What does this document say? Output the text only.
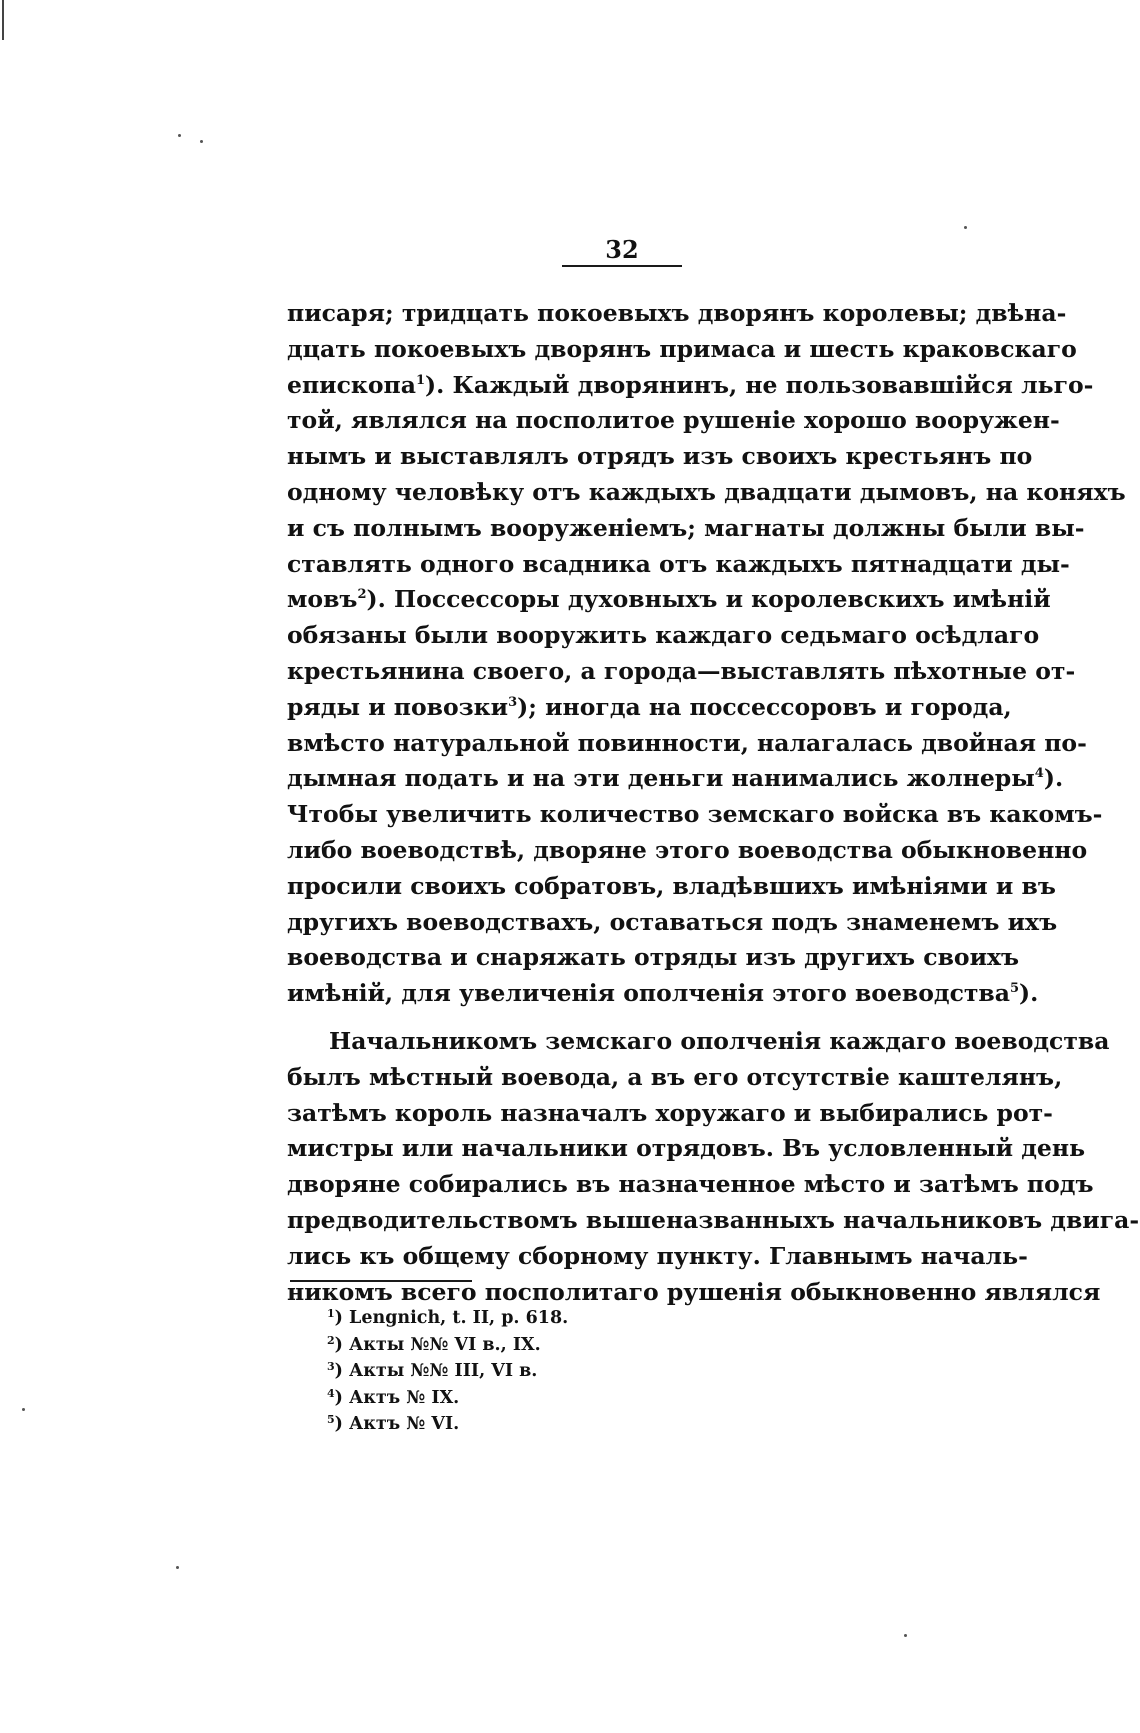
32
писаря; тридцать покоевыхъ дворянъ королевы; двѣна-
дцать покоевыхъ дворянъ примаса и шесть краковскаго
епископа$^1$). Каждый дворянинъ, не пользовавшійся льго-
той, являлся на посполитое рушеніе хорошо вооружен-
нымъ и выставлялъ отрядъ изъ своихъ крестьянъ по
одному человѣку отъ каждыхъ двадцати дымовъ, на коняхъ
и съ полнымъ вооруженіемъ; магнаты должны были вы-
ставлять одного всадника отъ каждыхъ пятнадцати ды-
мовъ$^2$). Поссессоры духовныхъ и королевскихъ имѣній
обязаны были вооружить каждаго седьмаго осѣдлаго
крестьянина своего, а города—выставлять пѣхотные от-
ряды и повозки$^3$); иногда на поссессоровъ и города,
вмѣсто натуральной повинности, налагалась двойная по-
дымная подать и на эти деньги нанимались жолнеры$^4$).
Чтобы увеличить количество земскаго войска въ какомъ-
либо воеводствѣ, дворяне этого воеводства обыкновенно
просили своихъ собратовъ, владѣвшихъ имѣніями и въ
другихъ воеводствахъ, оставаться подъ знаменемъ ихъ
воеводства и снаряжать отряды изъ другихъ своихъ
имѣній, для увеличенія ополченія этого воеводства$^5$).
Начальникомъ земскаго ополченія каждаго воеводства
былъ мѣстный воевода, а въ его отсутствіе каштелянъ,
затѣмъ король назначалъ хоружаго и выбирались рот-
мистры или начальники отрядовъ. Въ условленный день
дворяне собирались въ назначенное мѣсто и затѣмъ подъ
предводительствомъ вышеназванныхъ начальниковъ двига-
лись къ общему сборному пункту. Главнымъ началь-
никомъ всего посполитаго рушенія обыкновенно являлся
$^1$) Lengnich, t. II, p. 618.
$^2$) Акты №№ VI в., IX.
$^3$) Акты №№ III, VI в.
$^4$) Актъ № IX.
$^5$) Актъ № VI.
